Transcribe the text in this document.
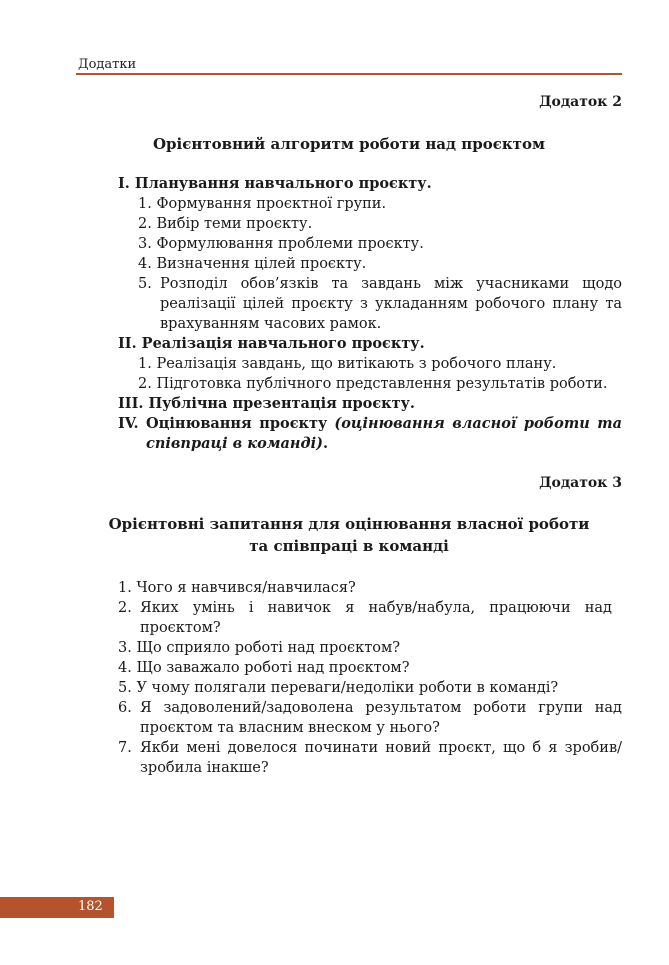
Додатки
Додаток 2
Орієнтовний алгоритм роботи над проєктом
I. Планування навчального проєкту.
1. Формування проєктної групи.
2. Вибір теми проєкту.
3. Формулювання проблеми проєкту.
4. Визначення цілей проєкту.
5. Розподіл обов’язків та завдань між учасниками щодо реалізації цілей проєкту з укладанням робочого плану та врахуванням часових рамок.
II. Реалізація навчального проєкту.
1. Реалізація завдань, що витікають з робочого плану.
2. Підготовка публічного представлення результатів роботи.
III. Публічна презентація проєкту.
IV. Оцінювання проєкту (оцінювання власної роботи та співпраці в команді).
Додаток 3
Орієнтовні запитання для оцінювання власної роботи
та співпраці в команді
1. Чого я навчився/навчилася?
2. Яких умінь і навичок я набув/набула, працюючи над проєктом?
3. Що сприяло роботі над проєктом?
4. Що заважало роботі над проєктом?
5. У чому полягали переваги/недоліки роботи в команді?
6. Я задоволений/задоволена результатом роботи групи над проєктом та власним внеском у нього?
7. Якби мені довелося починати новий проєкт, що б я зробив/зробила інакше?
182
